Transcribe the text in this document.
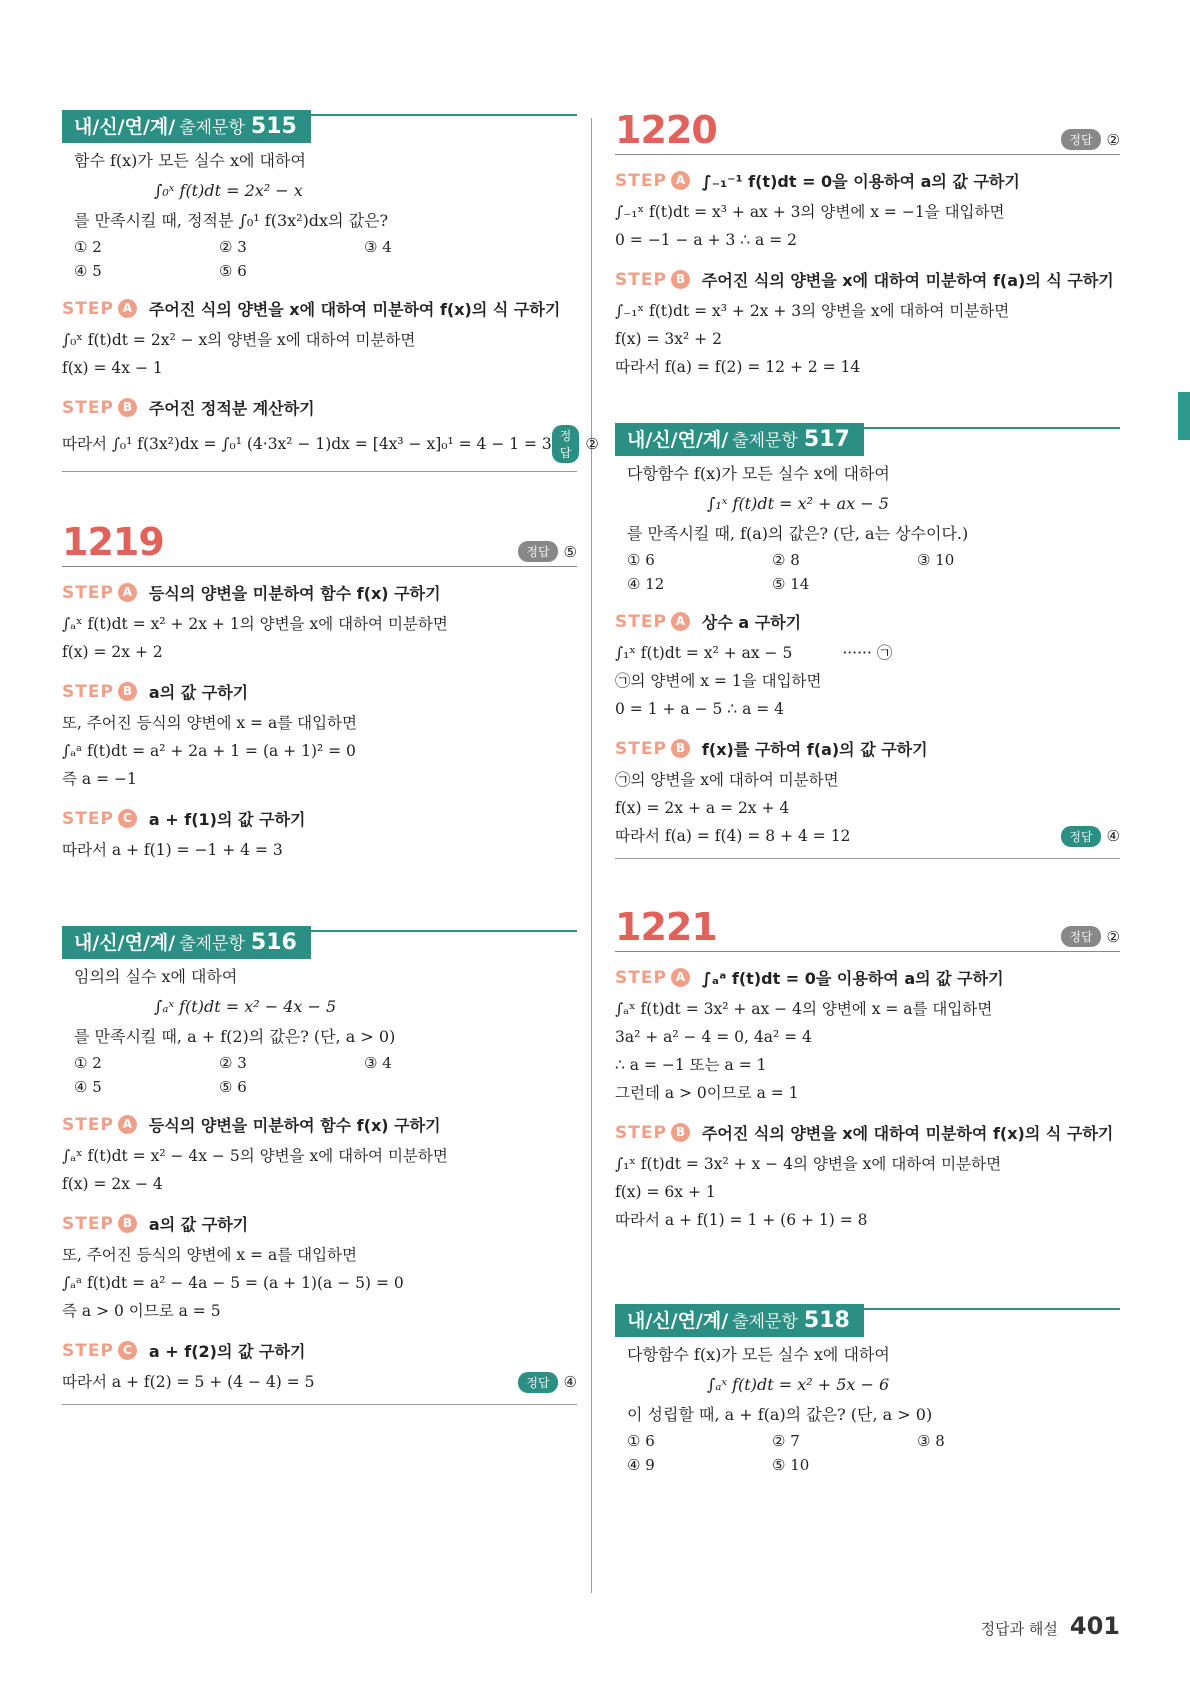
내/신/연/계/ 출제문항 515
함수 f(x)가 모든 실수 x에 대하여
∫₀ˣ f(t)dt = 2x² − x
를 만족시킬 때, 정적분 ∫₀¹ f(3x²)dx의 값은?
① 2	② 3	③ 4
④ 5	⑤ 6
STEP A	주어진 식의 양변을 x에 대하여 미분하여 f(x)의 식 구하기
∫₀ˣ f(t)dt = 2x² − x의 양변을 x에 대하여 미분하면
f(x) = 4x − 1
STEP B	주어진 정적분 계산하기
따라서 ∫₀¹ f(3x²)dx = ∫₀¹ (4·3x² − 1)dx = [4x³ − x]₀¹ = 4 − 1 = 3 정답 ②
1219	정답 ⑤
STEP A	등식의 양변을 미분하여 함수 f(x) 구하기
∫ₐˣ f(t)dt = x² + 2x + 1의 양변을 x에 대하여 미분하면
f(x) = 2x + 2
STEP B	a의 값 구하기
또, 주어진 등식의 양변에 x = a를 대입하면
∫ₐᵃ f(t)dt = a² + 2a + 1 = (a + 1)² = 0
즉 a = −1
STEP C	a + f(1)의 값 구하기
따라서 a + f(1) = −1 + 4 = 3
내/신/연/계/ 출제문항 516
임의의 실수 x에 대하여
∫ₐˣ f(t)dt = x² − 4x − 5
를 만족시킬 때, a + f(2)의 값은? (단, a > 0)
① 2	② 3	③ 4
④ 5	⑤ 6
STEP A	등식의 양변을 미분하여 함수 f(x) 구하기
∫ₐˣ f(t)dt = x² − 4x − 5의 양변을 x에 대하여 미분하면
f(x) = 2x − 4
STEP B	a의 값 구하기
또, 주어진 등식의 양변에 x = a를 대입하면
∫ₐᵃ f(t)dt = a² − 4a − 5 = (a + 1)(a − 5) = 0
즉 a > 0 이므로 a = 5
STEP C	a + f(2)의 값 구하기
따라서 a + f(2) = 5 + (4 − 4) = 5	정답 ④
1220	정답 ②
STEP A	∫₋₁⁻¹ f(t)dt = 0을 이용하여 a의 값 구하기
∫₋₁ˣ f(t)dt = x³ + ax + 3의 양변에 x = −1을 대입하면
0 = −1 − a + 3 ∴ a = 2
STEP B	주어진 식의 양변을 x에 대하여 미분하여 f(a)의 식 구하기
∫₋₁ˣ f(t)dt = x³ + 2x + 3의 양변을 x에 대하여 미분하면
f(x) = 3x² + 2
따라서 f(a) = f(2) = 12 + 2 = 14
내/신/연/계/ 출제문항 517
다항함수 f(x)가 모든 실수 x에 대하여
∫₁ˣ f(t)dt = x² + ax − 5
를 만족시킬 때, f(a)의 값은? (단, a는 상수이다.)
① 6	② 8	③ 10
④ 12	⑤ 14
STEP A	상수 a 구하기
∫₁ˣ f(t)dt = x² + ax − 5	······ ㉠
㉠의 양변에 x = 1을 대입하면
0 = 1 + a − 5 ∴ a = 4
STEP B	f(x)를 구하여 f(a)의 값 구하기
㉠의 양변을 x에 대하여 미분하면
f(x) = 2x + a = 2x + 4
따라서 f(a) = f(4) = 8 + 4 = 12	정답 ④
1221	정답 ②
STEP A	∫ₐᵃ f(t)dt = 0을 이용하여 a의 값 구하기
∫ₐˣ f(t)dt = 3x² + ax − 4의 양변에 x = a를 대입하면
3a² + a² − 4 = 0, 4a² = 4
∴ a = −1 또는 a = 1
그런데 a > 0이므로 a = 1
STEP B	주어진 식의 양변을 x에 대하여 미분하여 f(x)의 식 구하기
∫₁ˣ f(t)dt = 3x² + x − 4의 양변을 x에 대하여 미분하면
f(x) = 6x + 1
따라서 a + f(1) = 1 + (6 + 1) = 8
내/신/연/계/ 출제문항 518
다항함수 f(x)가 모든 실수 x에 대하여
∫ₐˣ f(t)dt = x² + 5x − 6
이 성립할 때, a + f(a)의 값은? (단, a > 0)
① 6	② 7	③ 8
④ 9	⑤ 10
정답과 해설 401
